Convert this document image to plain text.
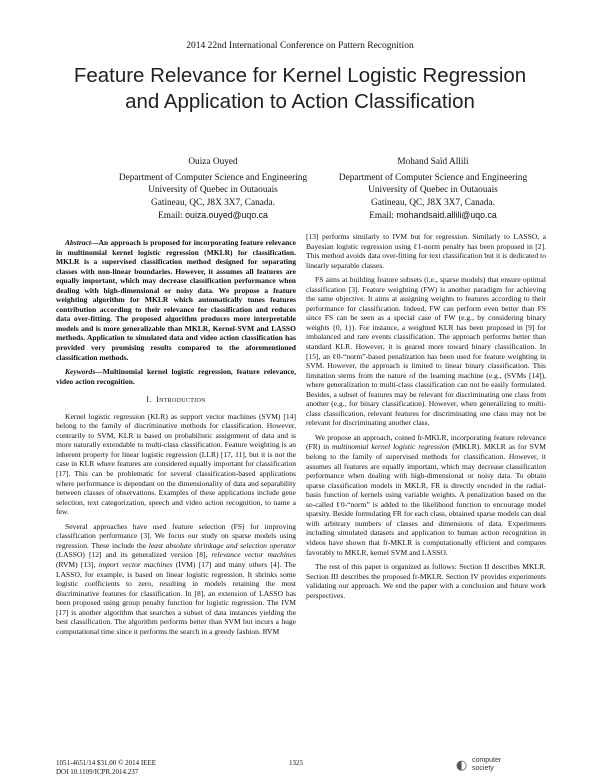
2014 22nd International Conference on Pattern Recognition
Feature Relevance for Kernel Logistic Regression
and Application to Action Classification
Ouiza Ouyed
Department of Computer Science and Engineering
University of Quebec in Outaouais
Gatineau, QC, J8X 3X7, Canada.
Email: ouiza.ouyed@uqo.ca
Mohand Saïd Allili
Department of Computer Science and Engineering
University of Quebec in Outaouais
Gatineau, QC, J8X 3X7, Canada.
Email: mohandsaid.allili@uqo.ca

Abstract—An approach is proposed for incorporating feature relevance in multinomial kernel logistic regression (MKLR) for classification. MKLR is a supervised classification method designed for separating classes with non-linear boundaries. However, it assumes all features are equally important, which may decrease classification performance when dealing with high-dimensional or noisy data. We propose a feature weighting algorithm for MKLR which automatically tunes features contribution according to their relevance for classification and reduces data over-fitting. The proposed algorithm produces more interpretable models and is more generalizable than MKLR, Kernel-SVM and LASSO methods. Application to simulated data and video action classification has provided very promising results compared to the aforementioned classification methods.

Keywords—Multinomial kernel logistic regression, feature relevance, video action recognition.

I. Introduction

Kernel logistic regression (KLR) as support vector machines (SVM) [14] belong to the family of discriminative methods for classification. However, contrarily to SVM, KLR is based on probabilistic assignment of data and is more naturally extendable to multi-class classification. Feature weighting is an inherent property for linear logistic regression (LLR) [17, 11], but it is not the case in KLR where features are considered equally important for classification [17]. This can be problematic for several classification-based applications where performance is dependant on the dimensionality of data and separability between classes of observations. Examples of these applications include gene selection, text categorization, speech and video action recognition, to name a few.

Several approaches have used feature selection (FS) for improving classification performance [3]. We focus our study on sparse models using regression. These include the least absolute shrinkage and selection operator (LASSO) [12] and its generalized version [8], relevance vector machines (RVM) [13], import vector machines (IVM) [17] and many others [4]. The LASSO, for example, is based on linear logistic regression. It shrinks some logistic coefficients to zero, resulting in models retaining the most discriminative features for classification. In [8], an extension of LASSO has been proposed using group penalty function for logistic regression. The IVM [17] is another algorithm that searches a subset of data instances yielding the best classification. The algorithm performs better than SVM but incurs a huge computational time since it performs the search in a greedy fashion. RVM

[13] performs similarly to IVM but for regression. Similarly to LASSO, a Bayesian logistic regression using ℓ1-norm penalty has been proposed in [2]. This method avoids data over-fitting for text classification but it is dedicated to linearly separable classes.

FS aims at building feature subsets (i.e., sparse models) that ensure optimal classification [3]. Feature weighting (FW) is another paradigm for achieving the same objective. It aims at assigning weights to features according to their performance for classification. Indeed, FW can perform even better than FS since FS can be seen as a special case of FW (e.g., by considering binary weights {0, 1}). For instance, a weighted KLR has been proposed in [9] for imbalanced and rare events classification. The approach performs better than standard KLR. However, it is geared more toward binary classification. In [15], an ℓ0-“norm”-based penalization has been used for feature weighting in SVM. However, the approach is limited to linear binary classification. This limitation stems from the nature of the learning machine (e.g., (SVMs [14]), where generalization to multi-class classification can not be easily formulated. Besides, a subset of features may be relevant for discriminating one class from another (e.g., for binary classification). However, when generalizing to multi-class classification, relevant features for discriminating one class may not be relevant for discriminating another class.

We propose an approach, coined fr-MKLR, incorporating feature relevance (FR) in multinomial kernel logistic regression (MKLR). MKLR as for SVM belong to the family of supervised methods for classification. However, it assumes all features are equally important, which may decrease classification performance when dealing with high-dimensional or noisy data. To obtain sparse classification models in MKLR, FR is directly encoded in the radial-basis function of kernels using variable weights. A penalization based on the so-called ℓ0-“norm” is added to the likelihood function to encourage model sparsity. Beside formulating FR for each class, obtained sparse models can deal with arbitrary numbers of classes and dimensions of data. Experiments including simulated datasets and application to human action recognition in videos have shown that fr-MKLR is computationally efficient and compares favorably to MKLR, kernel SVM and LASSO.

The rest of this paper is organized as follows: Section II describes MKLR. Section III describes the proposed fr-MKLR. Section IV provides experiments validating our approach. We end the paper with a conclusion and future work perspectives.

1051-4651/14 $31.00 © 2014 IEEE
DOI 10.1109/ICPR.2014.237
1325	◐ computer
society
